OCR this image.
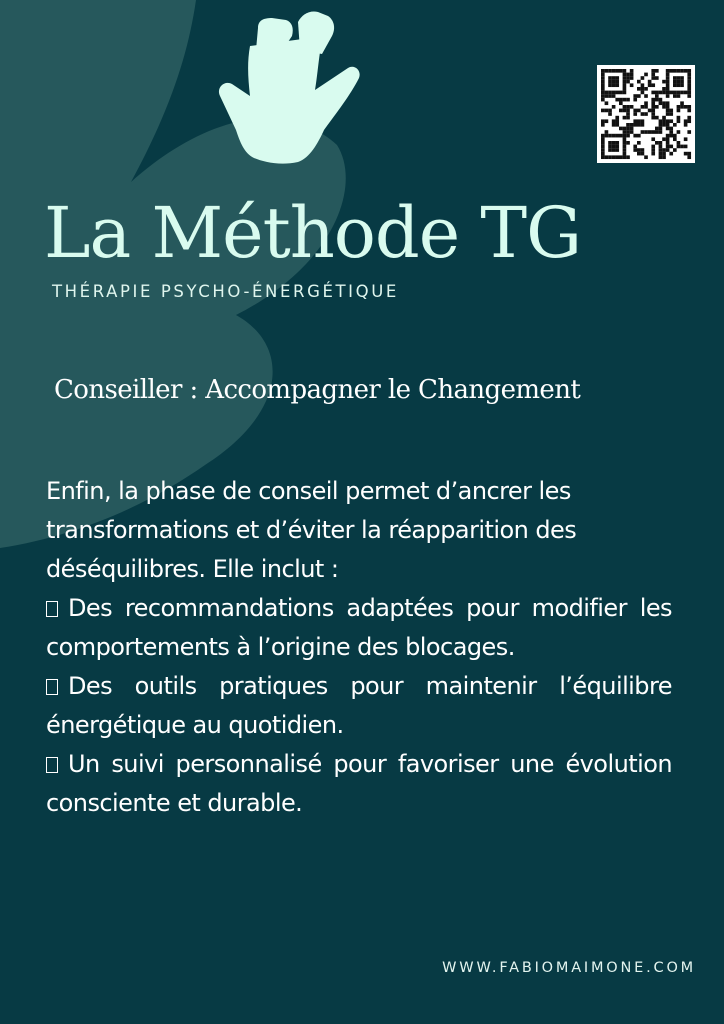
La Méthode TG
THÉRAPIE PSYCHO-ÉNERGÉTIQUE
Conseiller : Accompagner le Changement

Enfin, la phase de conseil permet d’ancrer les transformations et d’éviter la réapparition des déséquilibres. Elle inclut :

Des recommandations adaptées pour modifier les comportements à l’origine des blocages.

Des outils pratiques pour maintenir l’équilibre énergétique au quotidien.

Un suivi personnalisé pour favoriser une évolution consciente et durable.

WWW.FABIOMAIMONE.COM
